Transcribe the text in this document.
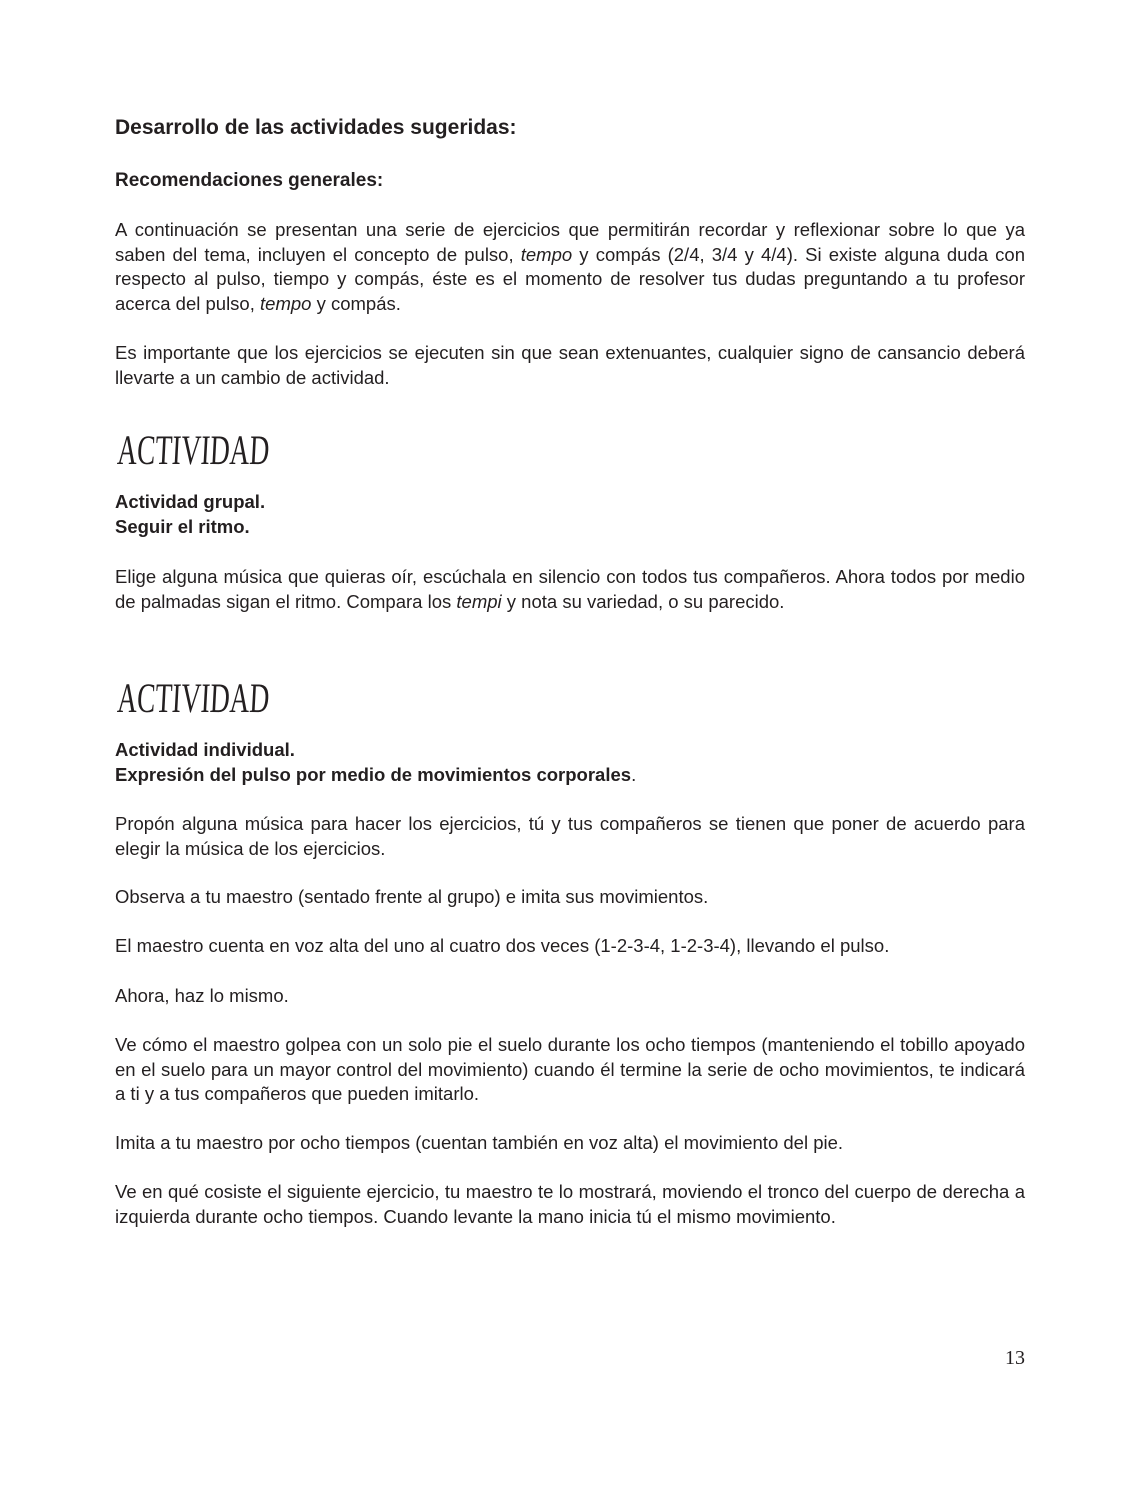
Desarrollo de las actividades sugeridas:
Recomendaciones generales:

A continuación se presentan una serie de ejercicios que permitirán recordar y reflexionar sobre lo que ya saben del tema, incluyen el concepto de pulso, tempo y compás (2/4, 3/4 y 4/4). Si existe alguna duda con respecto al pulso, tiempo y compás, éste es el momento de resolver tus dudas preguntando a tu profesor acerca del pulso, tempo y compás.

Es importante que los ejercicios se ejecuten sin que sean extenuantes, cualquier signo de cansancio deberá llevarte a un cambio de actividad.

ACTIVIDAD
Actividad grupal.
Seguir el ritmo.

Elige alguna música que quieras oír, escúchala en silencio con todos tus compañeros. Ahora todos por medio de palmadas sigan el ritmo. Compara los tempi y nota su variedad, o su parecido.

ACTIVIDAD
Actividad individual.
Expresión del pulso por medio de movimientos corporales.

Propón alguna música para hacer los ejercicios, tú y tus compañeros se tienen que poner de acuerdo para elegir la música de los ejercicios.

Observa a tu maestro (sentado frente al grupo) e imita sus movimientos.

El maestro cuenta en voz alta del uno al cuatro dos veces (1-2-3-4, 1-2-3-4), llevando el pulso.

Ahora, haz lo mismo.

Ve cómo el maestro golpea con un solo pie el suelo durante los ocho tiempos (manteniendo el tobillo apoyado en el suelo para un mayor control del movimiento) cuando él termine la serie de ocho movimientos, te indicará a ti y a tus compañeros que pueden imitarlo.

Imita a tu maestro por ocho tiempos (cuentan también en voz alta) el movimiento del pie.

Ve en qué cosiste el siguiente ejercicio, tu maestro te lo mostrará, moviendo el tronco del cuerpo de derecha a izquierda durante ocho tiempos. Cuando levante la mano inicia tú el mismo movimiento.

13
